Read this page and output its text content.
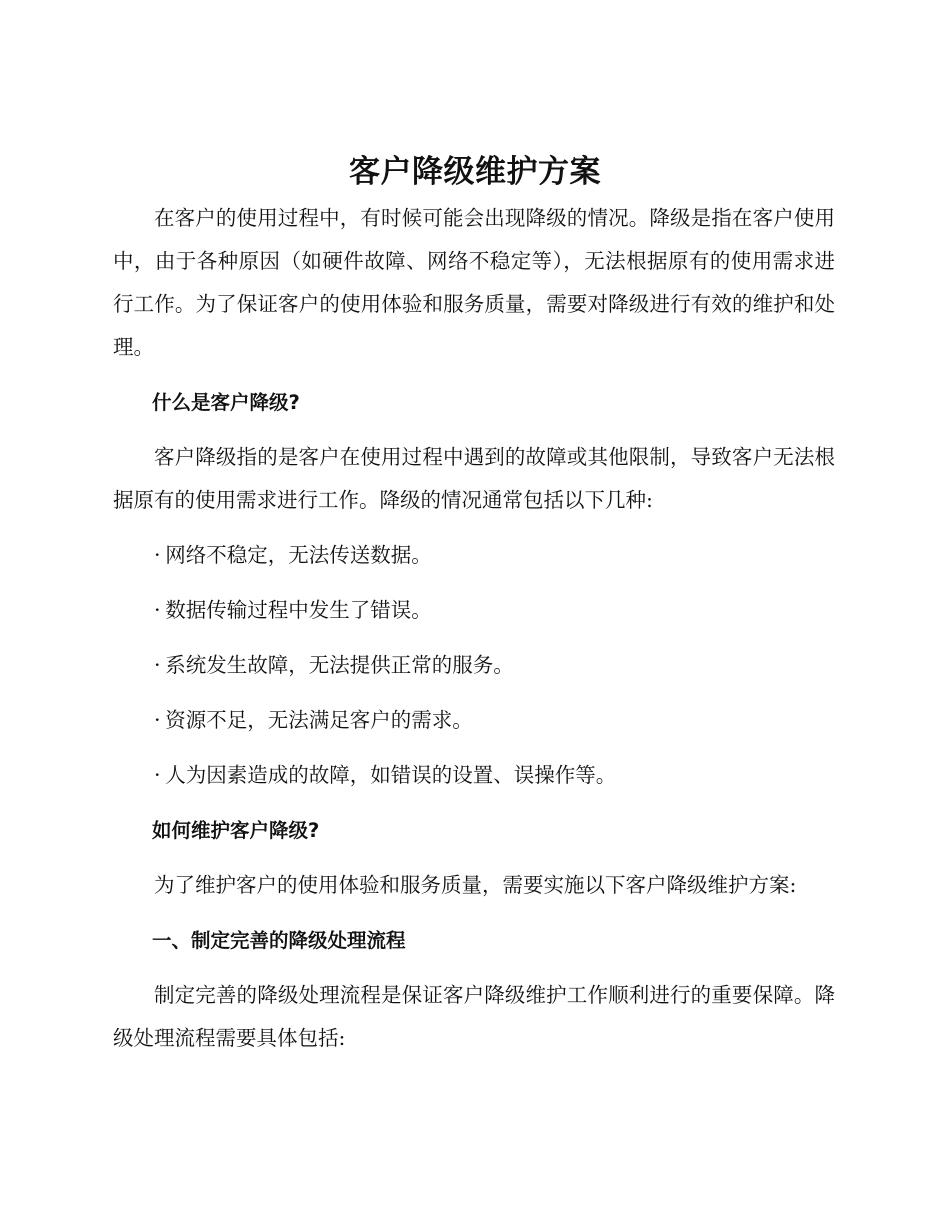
客户降级维护方案

在客户的使用过程中，有时候可能会出现降级的情况。降级是指在客户使用中，由于各种原因（如硬件故障、网络不稳定等），无法根据原有的使用需求进行工作。为了保证客户的使用体验和服务质量，需要对降级进行有效的维护和处理。

什么是客户降级?

客户降级指的是客户在使用过程中遇到的故障或其他限制，导致客户无法根据原有的使用需求进行工作。降级的情况通常包括以下几种:

· 网络不稳定，无法传送数据。
· 数据传输过程中发生了错误。
· 系统发生故障，无法提供正常的服务。
· 资源不足，无法满足客户的需求。
· 人为因素造成的故障，如错误的设置、误操作等。
如何维护客户降级?

为了维护客户的使用体验和服务质量，需要实施以下客户降级维护方案:

一、制定完善的降级处理流程

制定完善的降级处理流程是保证客户降级维护工作顺利进行的重要保障。降级处理流程需要具体包括:
